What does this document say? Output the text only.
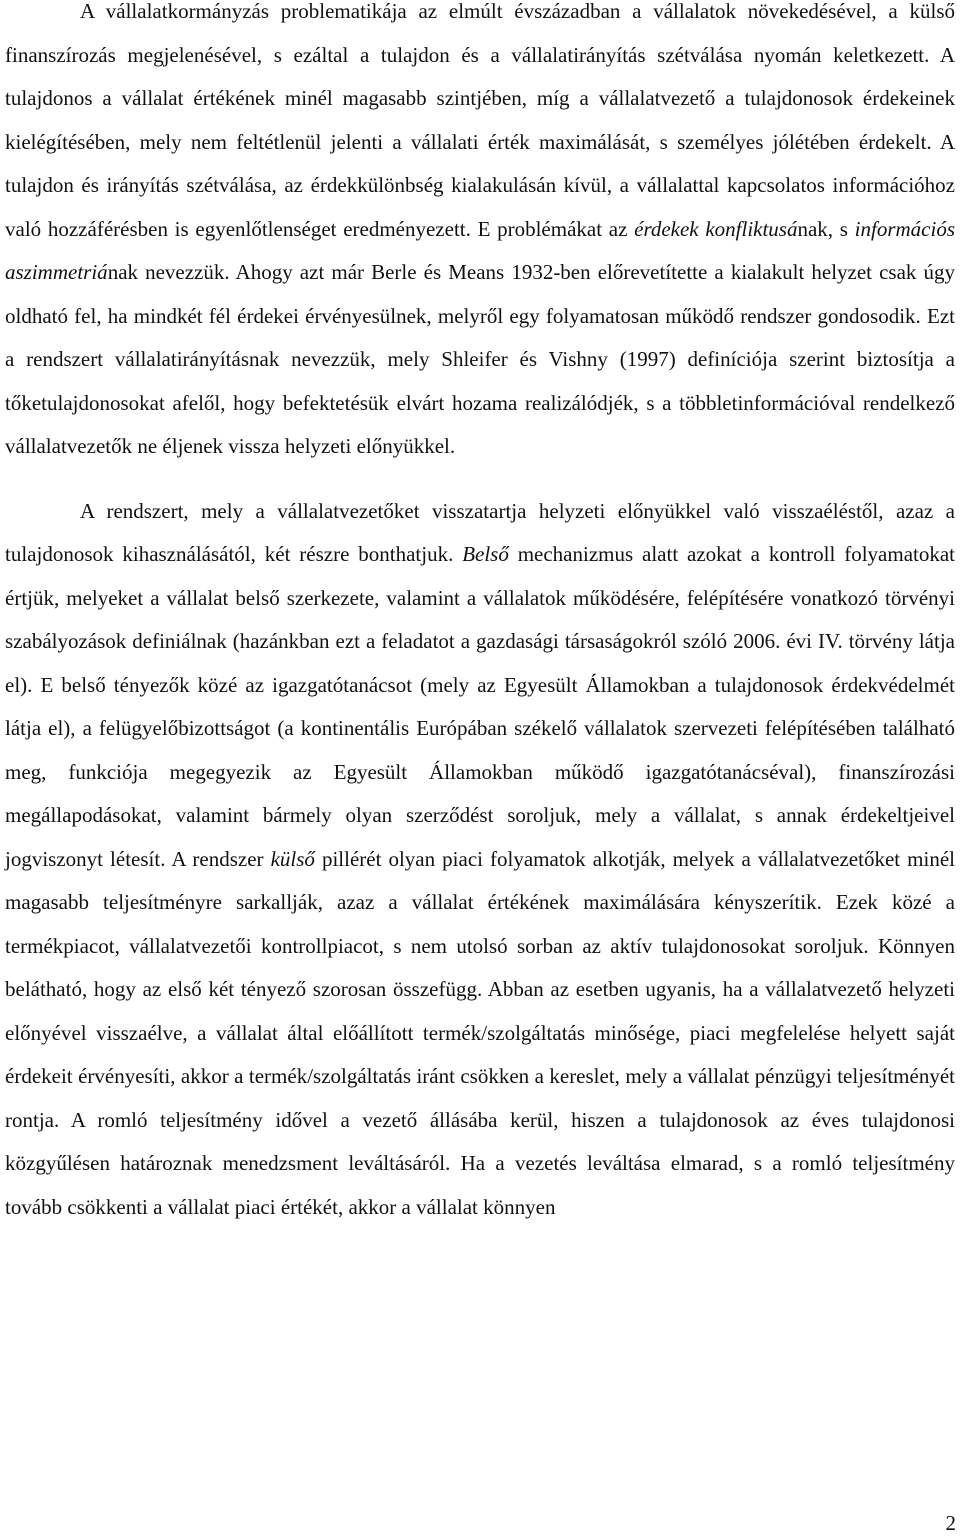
A vállalatkormányzás problematikája az elmúlt évszázadban a vállalatok növekedésével, a külső finanszírozás megjelenésével, s ezáltal a tulajdon és a vállalatirányítás szétválása nyomán keletkezett. A tulajdonos a vállalat értékének minél magasabb szintjében, míg a vállalatvezető a tulajdonosok érdekeinek kielégítésében, mely nem feltétlenül jelenti a vállalati érték maximálását, s személyes jólétében érdekelt. A tulajdon és irányítás szétválása, az érdekkülönbség kialakulásán kívül, a vállalattal kapcsolatos információhoz való hozzáférésben is egyenlőtlenséget eredményezett. E problémákat az érdekek konfliktusának, s információs aszimmetriának nevezzük. Ahogy azt már Berle és Means 1932-ben előrevetítette a kialakult helyzet csak úgy oldható fel, ha mindkét fél érdekei érvényesülnek, melyről egy folyamatosan működő rendszer gondosodik. Ezt a rendszert vállalatirányításnak nevezzük, mely Shleifer és Vishny (1997) definíciója szerint biztosítja a tőketulajdonosokat afelől, hogy befektetésük elvárt hozama realizálódjék, s a többletinformációval rendelkező vállalatvezetők ne éljenek vissza helyzeti előnyükkel.

A rendszert, mely a vállalatvezetőket visszatartja helyzeti előnyükkel való visszaéléstől, azaz a tulajdonosok kihasználásától, két részre bonthatjuk. Belső mechanizmus alatt azokat a kontroll folyamatokat értjük, melyeket a vállalat belső szerkezete, valamint a vállalatok működésére, felépítésére vonatkozó törvényi szabályozások definiálnak (hazánkban ezt a feladatot a gazdasági társaságokról szóló 2006. évi IV. törvény látja el). E belső tényezők közé az igazgatótanácsot (mely az Egyesült Államokban a tulajdonosok érdekvédelmét látja el), a felügyelőbizottságot (a kontinentális Európában székelő vállalatok szervezeti felépítésében található meg, funkciója megegyezik az Egyesült Államokban működő igazgatótanácséval), finanszírozási megállapodásokat, valamint bármely olyan szerződést soroljuk, mely a vállalat, s annak érdekeltjeivel jogviszonyt létesít. A rendszer külső pillérét olyan piaci folyamatok alkotják, melyek a vállalatvezetőket minél magasabb teljesítményre sarkallják, azaz a vállalat értékének maximálására kényszerítik. Ezek közé a termékpiacot, vállalatvezetői kontrollpiacot, s nem utolsó sorban az aktív tulajdonosokat soroljuk. Könnyen belátható, hogy az első két tényező szorosan összefügg. Abban az esetben ugyanis, ha a vállalatvezető helyzeti előnyével visszaélve, a vállalat által előállított termék/szolgáltatás minősége, piaci megfelelése helyett saját érdekeit érvényesíti, akkor a termék/szolgáltatás iránt csökken a kereslet, mely a vállalat pénzügyi teljesítményét rontja. A romló teljesítmény idővel a vezető állásába kerül, hiszen a tulajdonosok az éves tulajdonosi közgyűlésen határoznak menedzsment leváltásáról. Ha a vezetés leváltása elmarad, s a romló teljesítmény tovább csökkenti a vállalat piaci értékét, akkor a vállalat könnyen

2
